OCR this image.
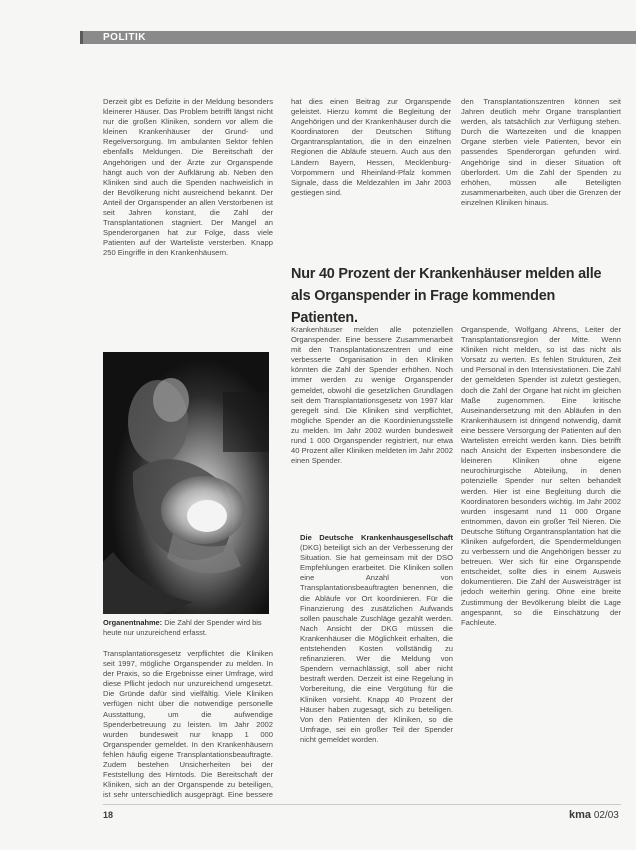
POLITIK

Derzeit gibt es Defizite in der Meldung besonders kleinerer Häuser. Das Problem betrifft längst nicht nur die großen Kliniken, sondern vor allem die kleinen Krankenhäuser der Grund- und Regelversorgung. Im ambulanten Sektor fehlen ebenfalls Meldungen. Die Bereitschaft der Angehörigen und der Ärzte zur Organspende hängt auch von der Aufklärung ab. Neben den Kliniken sind auch die Spenden nachweislich in der Bevölkerung nicht ausreichend bekannt. Der Anteil der Organspender an allen Verstorbenen ist seit Jahren konstant, die Zahl der Transplantationen stagniert. Der Mangel an Spenderorganen hat zur Folge, dass viele Patienten auf der Warteliste versterben. Knapp 250 Eingriffe in den Krankenhäusern.

hat dies einen Beitrag zur Organspende geleistet. Hierzu kommt die Begleitung der Angehörigen und der Krankenhäuser durch die Koordinatoren der Deutschen Stiftung Organtransplantation, die in den einzelnen Regionen die Abläufe steuern. Auch aus den Ländern Bayern, Hessen, Mecklenburg-Vorpommern und Rheinland-Pfalz kommen Signale, dass die Meldezahlen im Jahr 2003 gestiegen sind.

den Transplantationszentren können seit Jahren deutlich mehr Organe transplantiert werden, als tatsächlich zur Verfügung stehen. Durch die Wartezeiten und die knappen Organe sterben viele Patienten, bevor ein passendes Spenderorgan gefunden wird. Angehörige sind in dieser Situation oft überfordert. Um die Zahl der Spenden zu erhöhen, müssen alle Beteiligten zusammenarbeiten, auch über die Grenzen der einzelnen Kliniken hinaus.

Nur 40 Prozent der Krankenhäuser melden alle als Organspender in Frage kommenden Patienten.
Organentnahme: Die Zahl der Spender wird bis heute nur unzureichend erfasst.

Transplantationsgesetz verpflichtet die Kliniken seit 1997, mögliche Organspender zu melden. In der Praxis, so die Ergebnisse einer Umfrage, wird diese Pflicht jedoch nur unzureichend umgesetzt. Die Gründe dafür sind vielfältig. Viele Kliniken verfügen nicht über die notwendige personelle Ausstattung, um die aufwendige Spenderbetreuung zu leisten. Im Jahr 2002 wurden bundesweit nur knapp 1 000 Organspender gemeldet. In den Krankenhäusern fehlen häufig eigene Transplantationsbeauftragte. Zudem bestehen Unsicherheiten bei der Feststellung des Hirntods. Die Bereitschaft der Kliniken, sich an der Organspende zu beteiligen, ist sehr unterschiedlich ausgeprägt. Eine bessere

Krankenhäuser melden alle potenziellen Organspender. Eine bessere Zusammenarbeit mit den Transplantationszentren und eine verbesserte Organisation in den Kliniken könnten die Zahl der Spender erhöhen. Noch immer werden zu wenige Organspender gemeldet, obwohl die gesetzlichen Grundlagen seit dem Transplantationsgesetz von 1997 klar geregelt sind. Die Kliniken sind verpflichtet, mögliche Spender an die Koordinierungsstelle zu melden. Im Jahr 2002 wurden bundesweit rund 1 000 Organspender registriert, nur etwa 40 Prozent aller Kliniken meldeten im Jahr 2002 einen Spender.

Die Deutsche Krankenhausgesellschaft (DKG) beteiligt sich an der Verbesserung der Situation. Sie hat gemeinsam mit der DSO Empfehlungen erarbeitet. Die Kliniken sollen eine Anzahl von Transplantationsbeauftragten benennen, die die Abläufe vor Ort koordinieren. Für die Finanzierung des zusätzlichen Aufwands sollen pauschale Zuschläge gezahlt werden. Nach Ansicht der DKG müssen die Krankenhäuser die Möglichkeit erhalten, die entstehenden Kosten vollständig zu refinanzieren. Wer die Meldung von Spendern vernachlässigt, soll aber nicht bestraft werden. Derzeit ist eine Regelung in Vorbereitung, die eine Vergütung für die Kliniken vorsieht. Knapp 40 Prozent der Häuser haben zugesagt, sich zu beteiligen. Von den Patienten der Kliniken, so die Umfrage, sei ein großer Teil der Spender nicht gemeldet worden.

Organspende, Wolfgang Ahrens, Leiter der Transplantationsregion der Mitte. Wenn Kliniken nicht melden, so ist das nicht als Vorsatz zu werten. Es fehlen Strukturen, Zeit und Personal in den Intensivstationen. Die Zahl der gemeldeten Spender ist zuletzt gestiegen, doch die Zahl der Organe hat nicht im gleichen Maße zugenommen. Eine kritische Auseinandersetzung mit den Abläufen in den Krankenhäusern ist dringend notwendig, damit eine bessere Versorgung der Patienten auf den Wartelisten erreicht werden kann. Dies betrifft nach Ansicht der Experten insbesondere die kleineren Kliniken ohne eigene neurochirurgische Abteilung, in denen potenzielle Spender nur selten behandelt werden. Hier ist eine Begleitung durch die Koordinatoren besonders wichtig. Im Jahr 2002 wurden insgesamt rund 11 000 Organe entnommen, davon ein großer Teil Nieren. Die Deutsche Stiftung Organtransplantation hat die Kliniken aufgefordert, die Spendermeldungen zu verbessern und die Angehörigen besser zu betreuen. Wer sich für eine Organspende entscheidet, sollte dies in einem Ausweis dokumentieren. Die Zahl der Ausweisträger ist jedoch weiterhin gering. Ohne eine breite Zustimmung der Bevölkerung bleibt die Lage angespannt, so die Einschätzung der Fachleute.

18	kma 02/03
